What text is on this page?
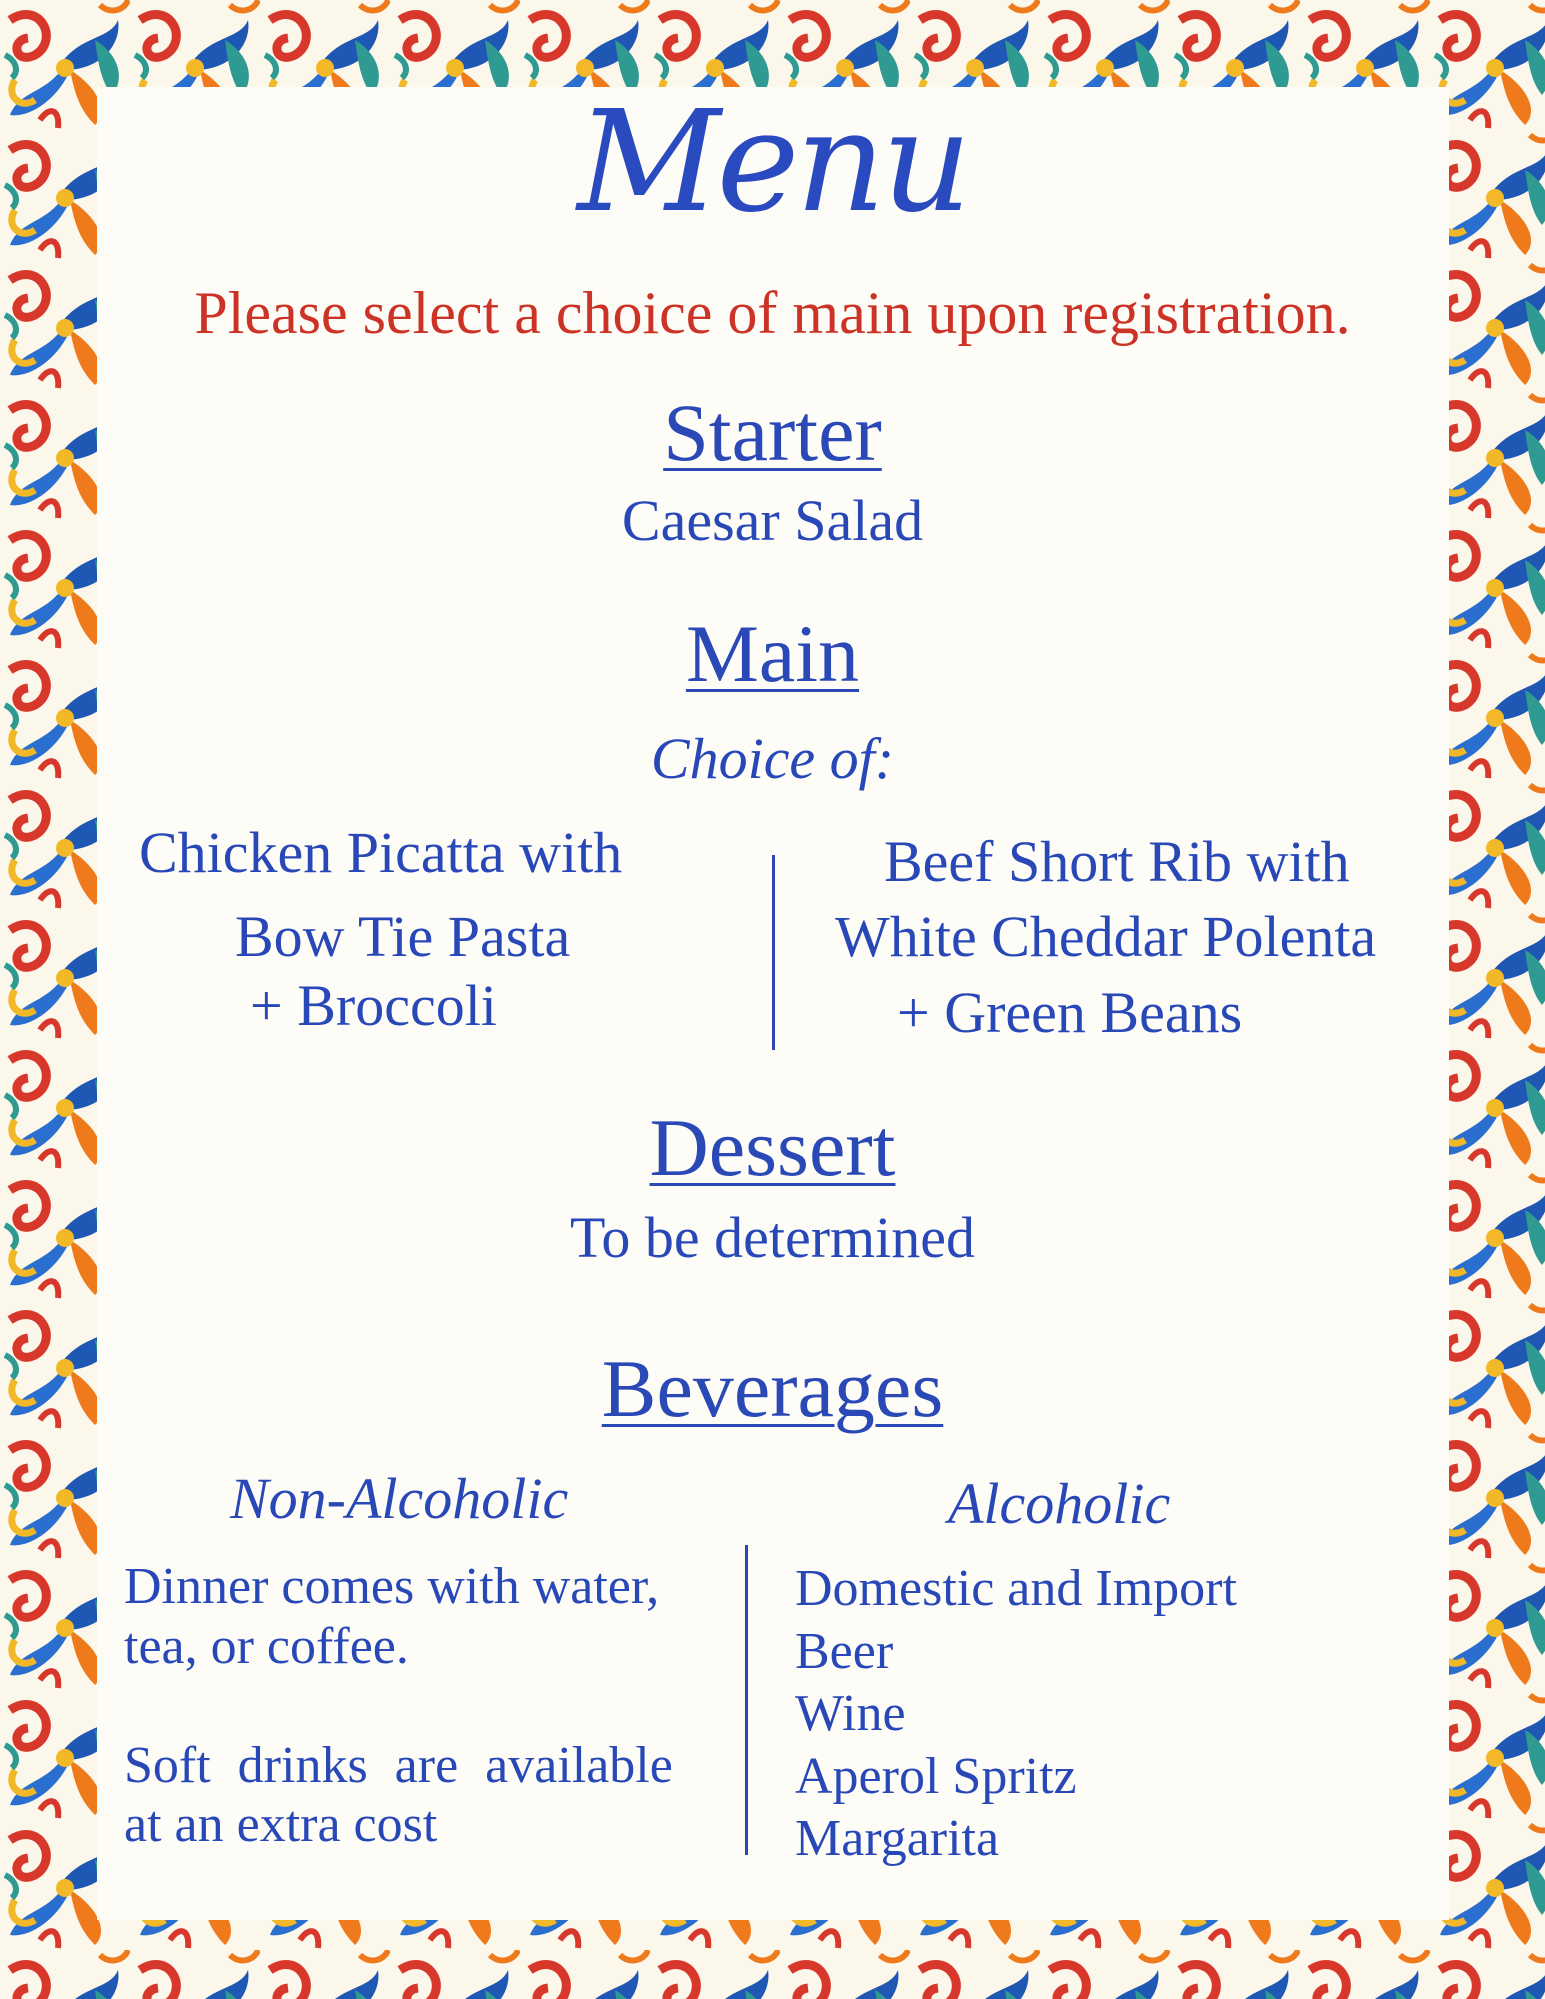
Menu
Please select a choice of main upon registration.
Starter
Caesar Salad
Main
Choice of:
Chicken Picatta with
Bow Tie Pasta
+ Broccoli
Beef Short Rib with
White Cheddar Polenta
+ Green Beans
Dessert
To be determined
Beverages
Non-Alcoholic	Alcoholic
Dinner comes with water,
tea, or coffee.
Soft drinks are available
at an extra cost
Domestic and Import
Beer
Wine
Aperol Spritz
Margarita
